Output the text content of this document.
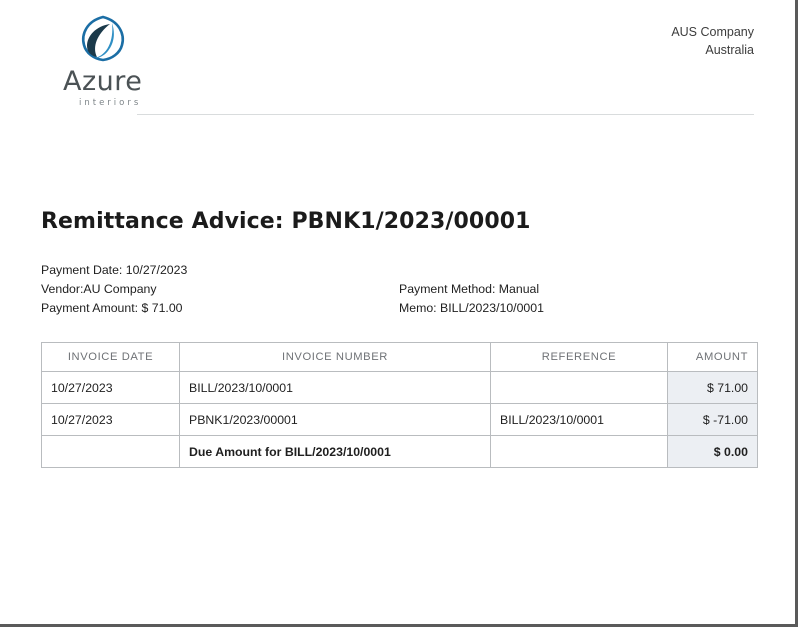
Azure
interiors
AUS Company
Australia
Remittance Advice: PBNK1/2023/00001
Payment Date: 10/27/2023
Vendor:AU Company
Payment Amount: $ 71.00
Payment Method: Manual
Memo: BILL/2023/10/0001
INVOICE DATE	INVOICE NUMBER	REFERENCE	AMOUNT
10/27/2023	BILL/2023/10/0001		$ 71.00
10/27/2023	PBNK1/2023/00001	BILL/2023/10/0001	$ -71.00
	Due Amount for BILL/2023/10/0001		$ 0.00
